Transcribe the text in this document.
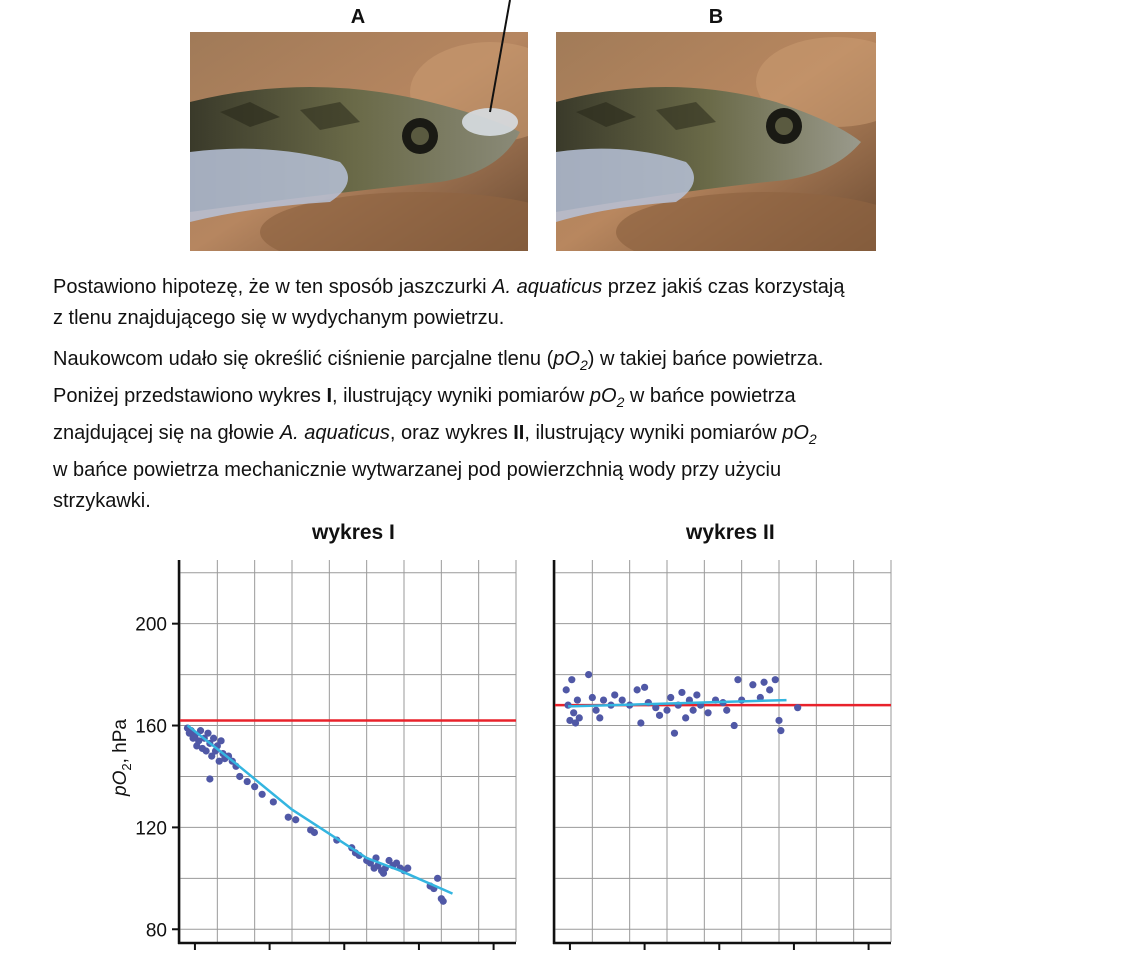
A	B

Postawiono hipotezę, że w ten sposób jaszczurki A. aquaticus przez jakiś czas korzystają
z tlenu znajdującego się w wydychanym powietrzu.

Naukowcom udało się określić ciśnienie parcjalne tlenu $(pO_2)$ w takiej bańce powietrza.
Poniżej przedstawiono wykres I, ilustrujący wyniki pomiarów $pO_2$ w bańce powietrza
znajdującej się na głowie A. aquaticus, oraz wykres II, ilustrujący wyniki pomiarów $pO_2$
w bańce powietrza mechanicznie wytwarzanej pod powierzchnią wody przy użyciu
strzykawki.

wykres I	wykres II
200
160
120
80
$pO_2$, hPa
